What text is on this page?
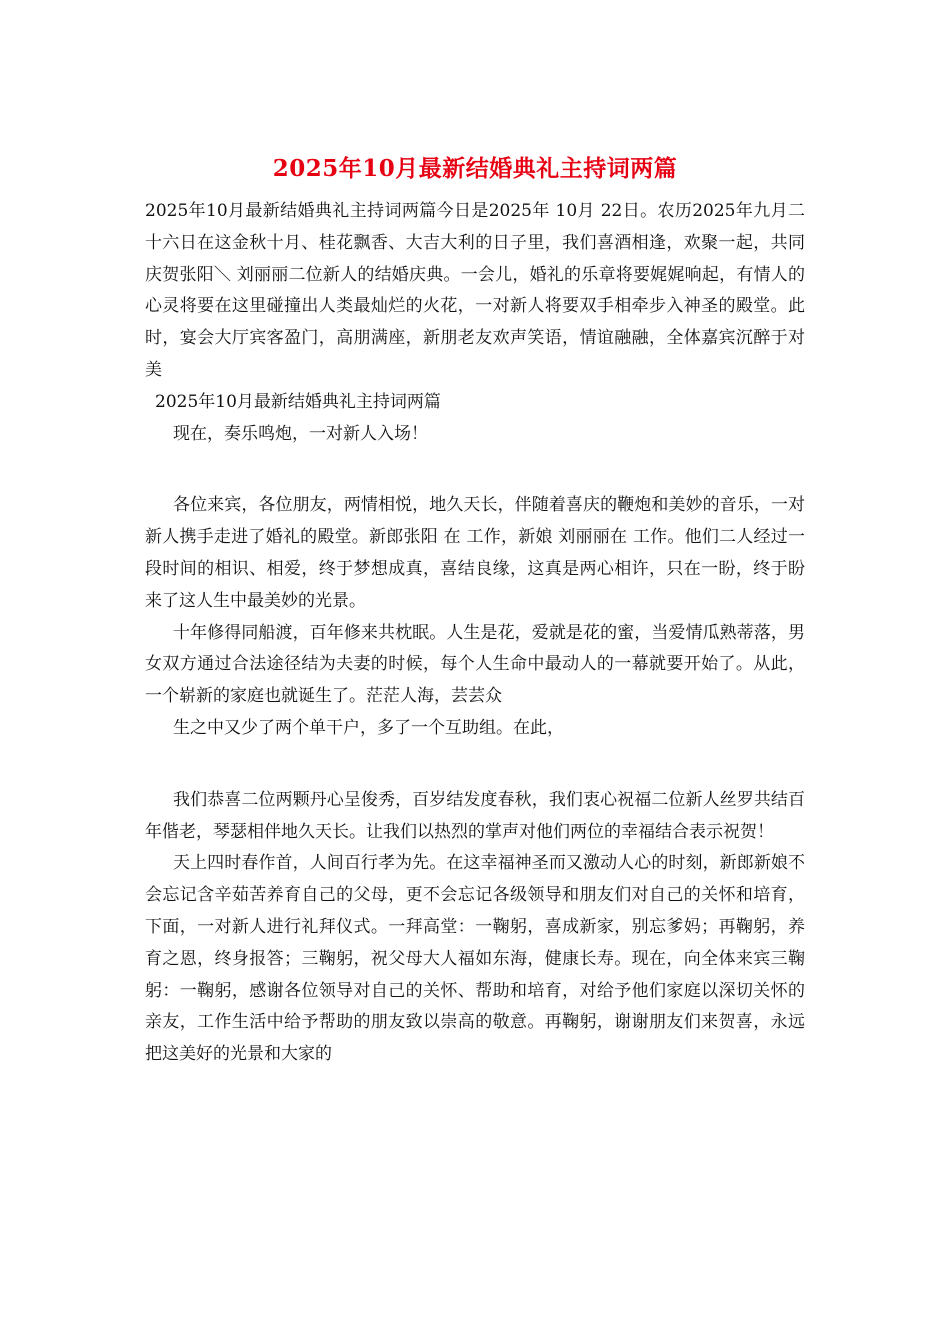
2025年10月最新结婚典礼主持词两篇

2025年10月最新结婚典礼主持词两篇今日是2025年 10月 22日。农历2025年九月二十六日在这金秋十月、桂花飘香、大吉大利的日子里，我们喜酒相逢，欢聚一起，共同庆贺张阳＼ 刘丽丽二位新人的结婚庆典。一会儿，婚礼的乐章将要娓娓响起，有情人的心灵将要在这里碰撞出人类最灿烂的火花，一对新人将要双手相牵步入神圣的殿堂。此时，宴会大厅宾客盈门，高朋满座，新朋老友欢声笑语，情谊融融，全体嘉宾沉醉于对美

2025年10月最新结婚典礼主持词两篇

现在，奏乐鸣炮，一对新人入场！

各位来宾，各位朋友，两情相悦，地久天长，伴随着喜庆的鞭炮和美妙的音乐，一对新人携手走进了婚礼的殿堂。新郎张阳 在 工作，新娘 刘丽丽在 工作。他们二人经过一段时间的相识、相爱，终于梦想成真，喜结良缘，这真是两心相许，只在一盼，终于盼来了这人生中最美妙的光景。

十年修得同船渡，百年修来共枕眠。人生是花，爱就是花的蜜，当爱情瓜熟蒂落，男女双方通过合法途径结为夫妻的时候，每个人生命中最动人的一幕就要开始了。从此，一个崭新的家庭也就诞生了。茫茫人海，芸芸众

生之中又少了两个单干户，多了一个互助组。在此，

我们恭喜二位两颗丹心呈俊秀，百岁结发度春秋，我们衷心祝福二位新人丝罗共结百年偕老，琴瑟相伴地久天长。让我们以热烈的掌声对他们两位的幸福结合表示祝贺！

天上四时春作首，人间百行孝为先。在这幸福神圣而又激动人心的时刻，新郎新娘不会忘记含辛茹苦养育自己的父母，更不会忘记各级领导和朋友们对自己的关怀和培育，下面，一对新人进行礼拜仪式。一拜高堂：一鞠躬，喜成新家，别忘爹妈；再鞠躬，养育之恩，终身报答；三鞠躬，祝父母大人福如东海，健康长寿。现在，向全体来宾三鞠躬：一鞠躬，感谢各位领导对自己的关怀、帮助和培育，对给予他们家庭以深切关怀的亲友，工作生活中给予帮助的朋友致以崇高的敬意。再鞠躬，谢谢朋友们来贺喜，永远把这美好的光景和大家的
